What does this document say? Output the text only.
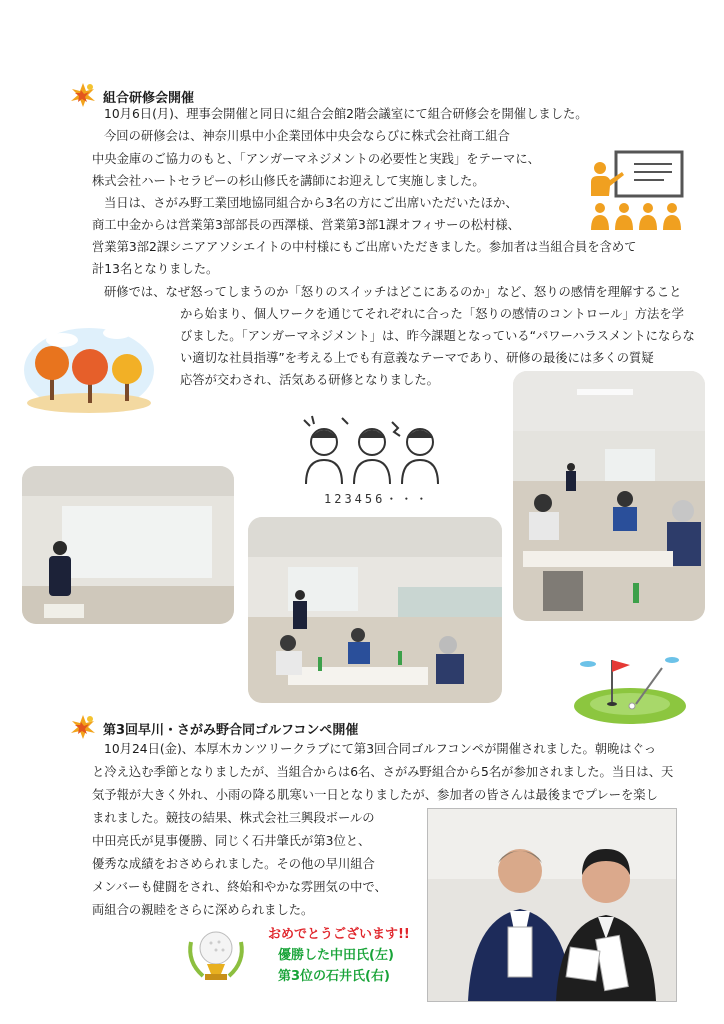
組合研修会開催
10月6日(月)、理事会開催と同日に組合会館2階会議室にて組合研修会を開催しました。
今回の研修会は、神奈川県中小企業団体中央会ならびに株式会社商工組合
中央金庫のご協力のもと、「アンガーマネジメントの必要性と実践」をテーマに、
株式会社ハートセラピーの杉山修氏を講師にお迎えして実施しました。
当日は、さがみ野工業団地協同組合から3名の方にご出席いただいたほか、
商工中金からは営業第3部部長の西澤様、営業第3部1課オフィサーの松村様、
営業第3部2課シニアアソシエイトの中村様にもご出席いただきました。参加者は当組合員を含めて
計13名となりました。
研修では、なぜ怒ってしまうのか「怒りのスイッチはどこにあるのか」など、怒りの感情を理解すること
から始まり、個人ワークを通じてそれぞれに合った「怒りの感情のコントロール」方法を学
びました。「アンガーマネジメント」は、昨今課題となっている“パワーハラスメントにならな
い適切な社員指導”を考える上でも有意義なテーマであり、研修の最後には多くの質疑
応答が交わされ、活気ある研修となりました。
123456・・・
第3回早川・さがみ野合同ゴルフコンペ開催
10月24日(金)、本厚木カンツリークラブにて第3回合同ゴルフコンペが開催されました。朝晩はぐっ
と冷え込む季節となりましたが、当組合からは6名、さがみ野組合から5名が参加されました。当日は、天
気予報が大きく外れ、小雨の降る肌寒い一日となりましたが、参加者の皆さんは最後までプレーを楽し
まれました。競技の結果、株式会社三興段ボールの
中田亮氏が見事優勝、同じく石井肇氏が第3位と、
優秀な成績をおさめられました。その他の早川組合
メンバーも健闘をされ、終始和やかな雰囲気の中で、
両組合の親睦をさらに深められました。
おめでとうございます!!
優勝した中田氏(左)
第3位の石井氏(右)
